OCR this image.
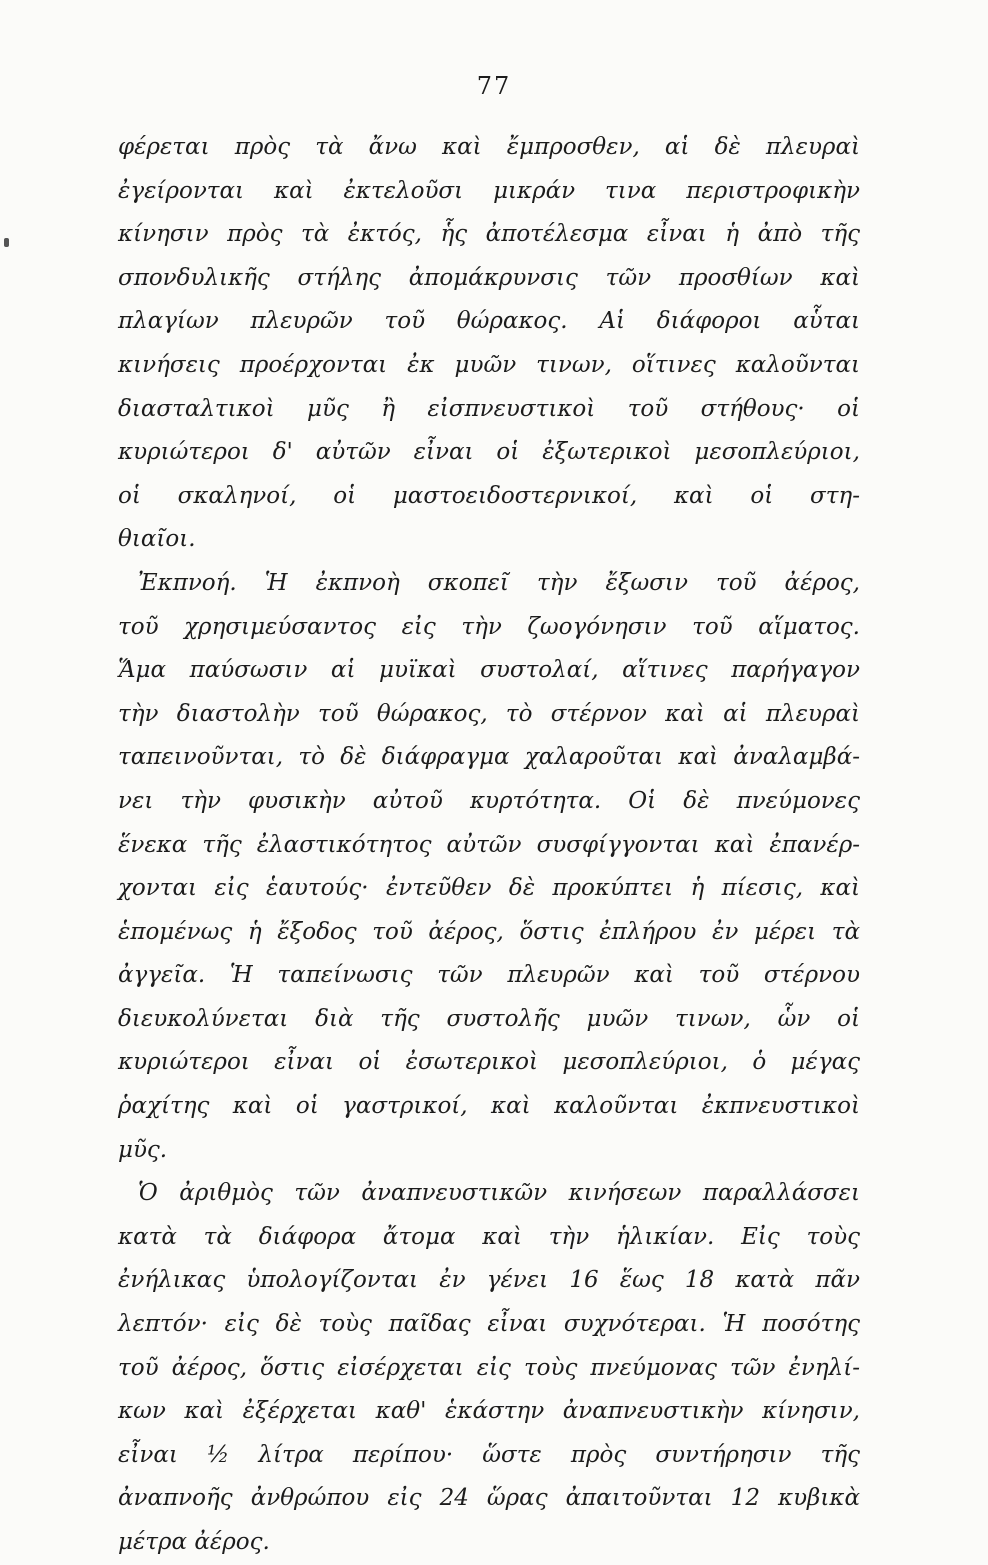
77
φέρεται πρὸς τὰ ἄνω καὶ ἔμπροσθεν, αἱ δὲ πλευραὶ
ἐγείρονται καὶ ἐκτελοῦσι μικράν τινα περιστροφικὴν
κίνησιν πρὸς τὰ ἐκτός, ἧς ἀποτέλεσμα εἶναι ἡ ἀπὸ τῆς
σπονδυλικῆς στήλης ἀπομάκρυνσις τῶν προσθίων καὶ
πλαγίων πλευρῶν τοῦ θώρακος. Αἱ διάφοροι αὗται
κινήσεις προέρχονται ἐκ μυῶν τινων, οἵτινες καλοῦνται
διασταλτικοὶ μῦς ἢ εἰσπνευστικοὶ τοῦ στήθους· οἱ
κυριώτεροι δ' αὐτῶν εἶναι οἱ ἐξωτερικοὶ μεσοπλεύριοι,
οἱ σκαληνοί, οἱ μαστοειδοστερνικοί, καὶ οἱ στη-
θιαῖοι.
Ἐκπνοή. Ἡ ἐκπνοὴ σκοπεῖ τὴν ἔξωσιν τοῦ ἀέρος,
τοῦ χρησιμεύσαντος εἰς τὴν ζωογόνησιν τοῦ αἵματος.
Ἅμα παύσωσιν αἱ μυϊκαὶ συστολαί, αἵτινες παρήγαγον
τὴν διαστολὴν τοῦ θώρακος, τὸ στέρνον καὶ αἱ πλευραὶ
ταπεινοῦνται, τὸ δὲ διάφραγμα χαλαροῦται καὶ ἀναλαμβά-
νει τὴν φυσικὴν αὐτοῦ κυρτότητα. Οἱ δὲ πνεύμονες
ἕνεκα τῆς ἐλαστικότητος αὐτῶν συσφίγγονται καὶ ἐπανέρ-
χονται εἰς ἑαυτούς· ἐντεῦθεν δὲ προκύπτει ἡ πίεσις, καὶ
ἑπομένως ἡ ἔξοδος τοῦ ἀέρος, ὅστις ἐπλήρου ἐν μέρει τὰ
ἀγγεῖα. Ἡ ταπείνωσις τῶν πλευρῶν καὶ τοῦ στέρνου
διευκολύνεται διὰ τῆς συστολῆς μυῶν τινων, ὧν οἱ
κυριώτεροι εἶναι οἱ ἐσωτερικοὶ μεσοπλεύριοι, ὁ μέγας
ῥαχίτης καὶ οἱ γαστρικοί, καὶ καλοῦνται ἐκπνευστικοὶ
μῦς.
Ὁ ἀριθμὸς τῶν ἀναπνευστικῶν κινήσεων παραλλάσσει
κατὰ τὰ διάφορα ἄτομα καὶ τὴν ἡλικίαν. Εἰς τοὺς
ἐνήλικας ὑπολογίζονται ἐν γένει 16 ἕως 18 κατὰ πᾶν
λεπτόν· εἰς δὲ τοὺς παῖδας εἶναι συχνότεραι. Ἡ ποσότης
τοῦ ἀέρος, ὅστις εἰσέρχεται εἰς τοὺς πνεύμονας τῶν ἐνηλί-
κων καὶ ἐξέρχεται καθ' ἑκάστην ἀναπνευστικὴν κίνησιν,
εἶναι ½ λίτρα περίπου· ὥστε πρὸς συντήρησιν τῆς
ἀναπνοῆς ἀνθρώπου εἰς 24 ὥρας ἀπαιτοῦνται 12 κυβικὰ
μέτρα ἀέρος.
